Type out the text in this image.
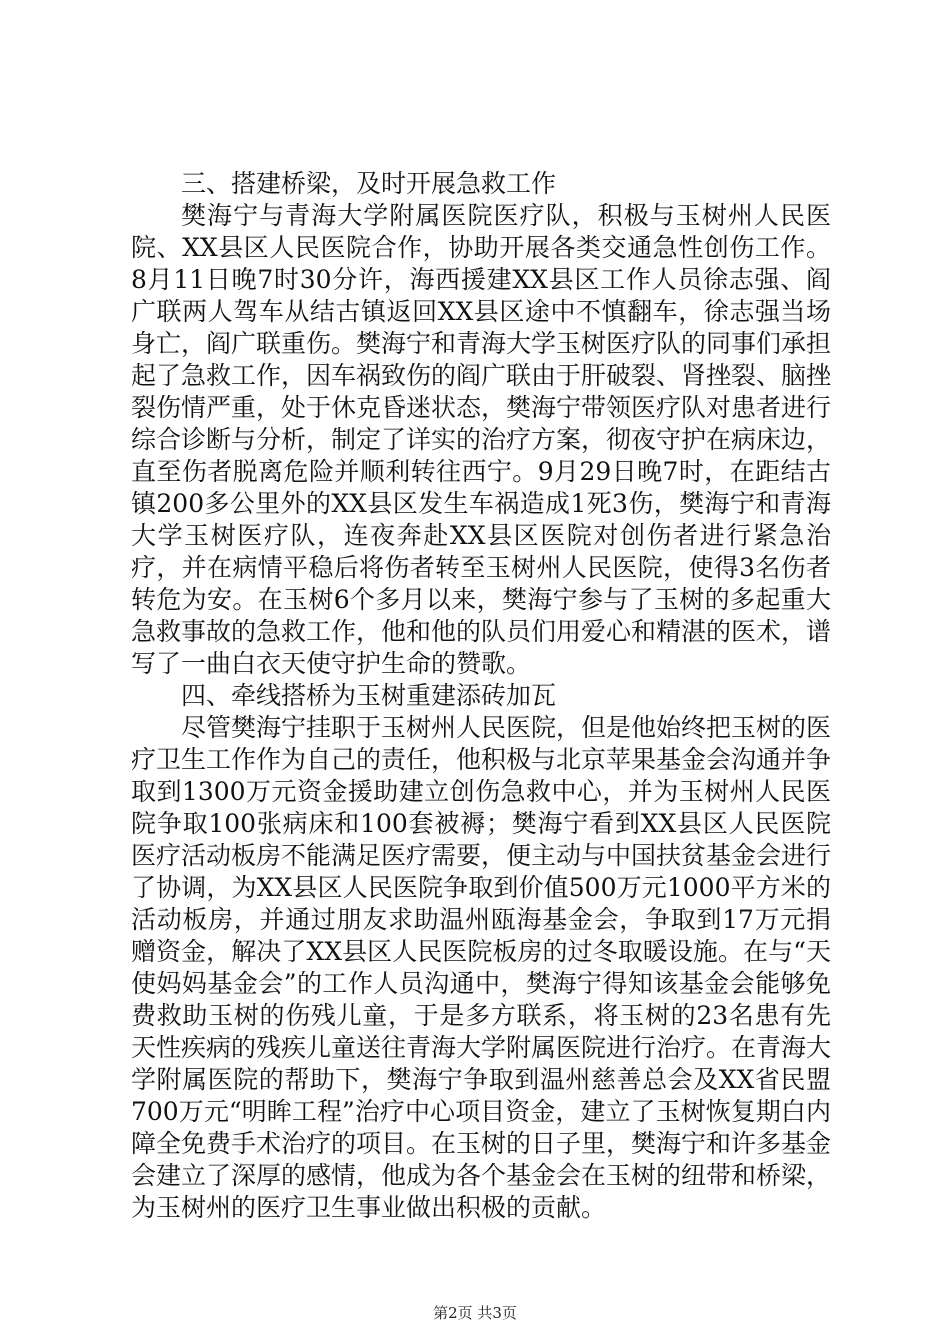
三、搭建桥梁，及时开展急救工作

樊海宁与青海大学附属医院医疗队，积极与玉树州人民医院、XX县区人民医院合作，协助开展各类交通急性创伤工作。8月11日晚7时30分许，海西援建XX县区工作人员徐志强、阎广联两人驾车从结古镇返回XX县区途中不慎翻车，徐志强当场身亡，阎广联重伤。樊海宁和青海大学玉树医疗队的同事们承担起了急救工作，因车祸致伤的阎广联由于肝破裂、肾挫裂、脑挫裂伤情严重，处于休克昏迷状态，樊海宁带领医疗队对患者进行综合诊断与分析，制定了详实的治疗方案，彻夜守护在病床边，直至伤者脱离危险并顺利转往西宁。9月29日晚7时，在距结古镇200多公里外的XX县区发生车祸造成1死3伤，樊海宁和青海大学玉树医疗队，连夜奔赴XX县区医院对创伤者进行紧急治疗，并在病情平稳后将伤者转至玉树州人民医院，使得3名伤者转危为安。在玉树6个多月以来，樊海宁参与了玉树的多起重大急救事故的急救工作，他和他的队员们用爱心和精湛的医术，谱写了一曲白衣天使守护生命的赞歌。

四、牵线搭桥为玉树重建添砖加瓦

尽管樊海宁挂职于玉树州人民医院，但是他始终把玉树的医疗卫生工作作为自己的责任，他积极与北京苹果基金会沟通并争取到1300万元资金援助建立创伤急救中心，并为玉树州人民医院争取100张病床和100套被褥；樊海宁看到XX县区人民医院医疗活动板房不能满足医疗需要，便主动与中国扶贫基金会进行了协调，为XX县区人民医院争取到价值500万元1000平方米的活动板房，并通过朋友求助温州瓯海基金会，争取到17万元捐赠资金，解决了XX县区人民医院板房的过冬取暖设施。在与“天使妈妈基金会”的工作人员沟通中，樊海宁得知该基金会能够免费救助玉树的伤残儿童，于是多方联系，将玉树的23名患有先天性疾病的残疾儿童送往青海大学附属医院进行治疗。在青海大学附属医院的帮助下，樊海宁争取到温州慈善总会及XX省民盟700万元“明眸工程”治疗中心项目资金，建立了玉树恢复期白内障全免费手术治疗的项目。在玉树的日子里，樊海宁和许多基金会建立了深厚的感情，他成为各个基金会在玉树的纽带和桥梁，为玉树州的医疗卫生事业做出积极的贡献。

第2页 共3页
